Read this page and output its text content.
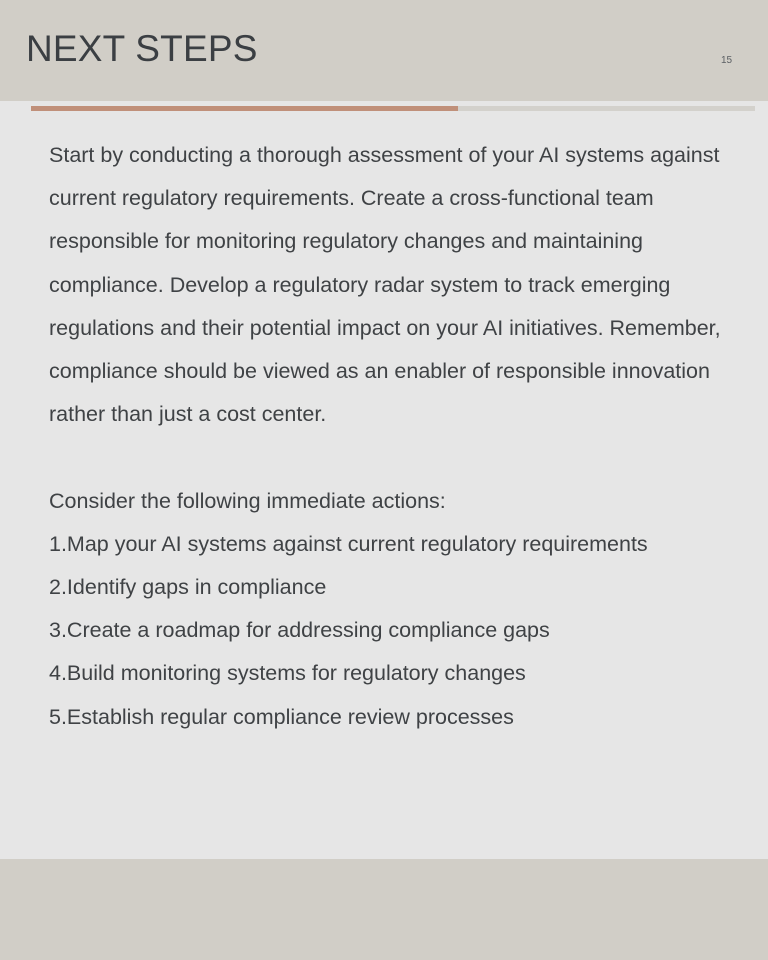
NEXT STEPS	15

Start by conducting a thorough assessment of your AI systems against current regulatory requirements. Create a cross-functional team responsible for monitoring regulatory changes and maintaining compliance. Develop a regulatory radar system to track emerging regulations and their potential impact on your AI initiatives. Remember, compliance should be viewed as an enabler of responsible innovation rather than just a cost center.

Consider the following immediate actions:

1.Map your AI systems against current regulatory requirements
2.Identify gaps in compliance
3.Create a roadmap for addressing compliance gaps
4.Build monitoring systems for regulatory changes
5.Establish regular compliance review processes
